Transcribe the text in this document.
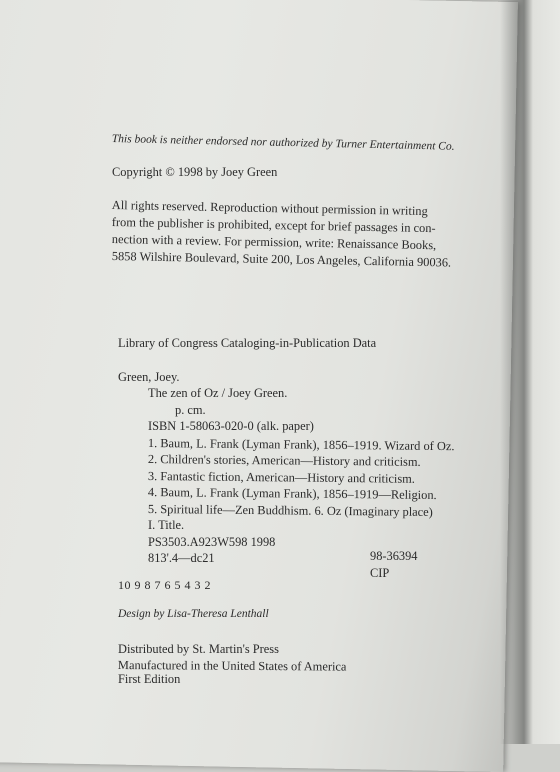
This book is neither endorsed nor authorized by Turner Entertainment Co.
Copyright © 1998 by Joey Green
All rights reserved. Reproduction without permission in writing
from the publisher is prohibited, except for brief passages in con-
nection with a review. For permission, write: Renaissance Books,
5858 Wilshire Boulevard, Suite 200, Los Angeles, California 90036.
Library of Congress Cataloging-in-Publication Data
Green, Joey.
The zen of Oz / Joey Green.
p. cm.
ISBN 1-58063-020-0 (alk. paper)
1. Baum, L. Frank (Lyman Frank), 1856–1919. Wizard of Oz.
2. Children's stories, American—History and criticism.
3. Fantastic fiction, American—History and criticism.
4. Baum, L. Frank (Lyman Frank), 1856–1919—Religion.
5. Spiritual life—Zen Buddhism. 6. Oz (Imaginary place)
I. Title.
PS3503.A923W598 1998
813'.4—dc21	98-36394
CIP
10 9 8 7 6 5 4 3 2
Design by Lisa-Theresa Lenthall
Distributed by St. Martin's Press
Manufactured in the United States of America
First Edition
